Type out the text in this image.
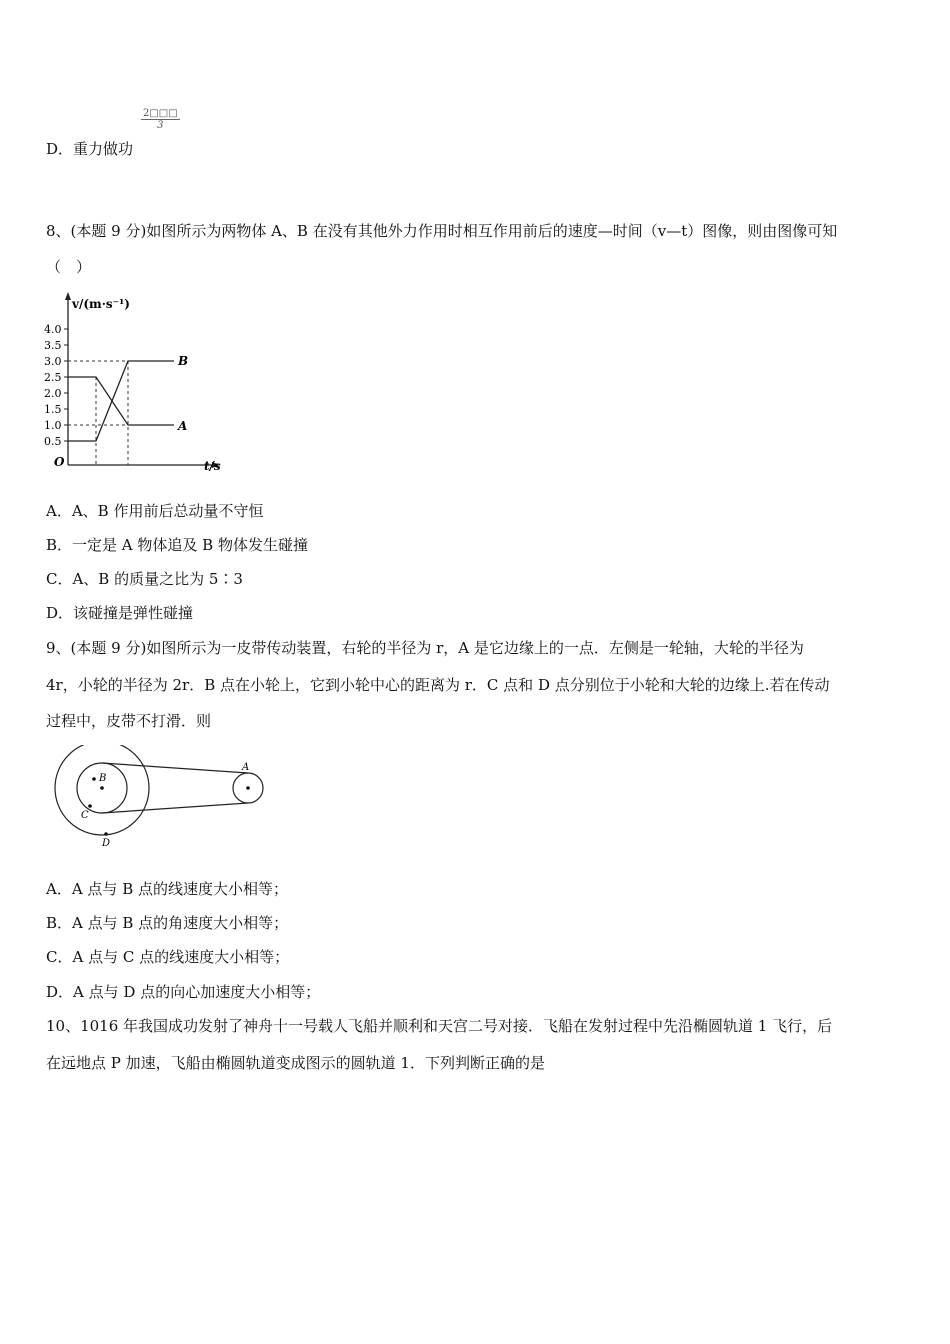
$\frac{2□□□}{3}$
D．重力做功
8、(本题 9 分)如图所示为两物体 A、B 在没有其他外力作用时相互作用前后的速度—时间（v—t）图像，则由图像可知
（　）
v/(m·s⁻¹)
t/s
O
0.5
1.0
1.5
2.0
2.5
3.0
3.5
4.0
B
A
A．A、B 作用前后总动量不守恒
B．一定是 A 物体追及 B 物体发生碰撞
C．A、B 的质量之比为 5∶3
D．该碰撞是弹性碰撞
9、(本题 9 分)如图所示为一皮带传动装置，右轮的半径为 r，A 是它边缘上的一点．左侧是一轮轴，大轮的半径为
4r，小轮的半径为 2r．B 点在小轮上，它到小轮中心的距离为 r．C 点和 D 点分别位于小轮和大轮的边缘上.若在传动
过程中，皮带不打滑．则
B
C
D
A
A．A 点与 B 点的线速度大小相等；
B．A 点与 B 点的角速度大小相等；
C．A 点与 C 点的线速度大小相等；
D．A 点与 D 点的向心加速度大小相等；
10、1016 年我国成功发射了神舟十一号载人飞船并顺利和天宫二号对接．飞船在发射过程中先沿椭圆轨道 1 飞行，后
在远地点 P 加速，飞船由椭圆轨道变成图示的圆轨道 1．下列判断正确的是
